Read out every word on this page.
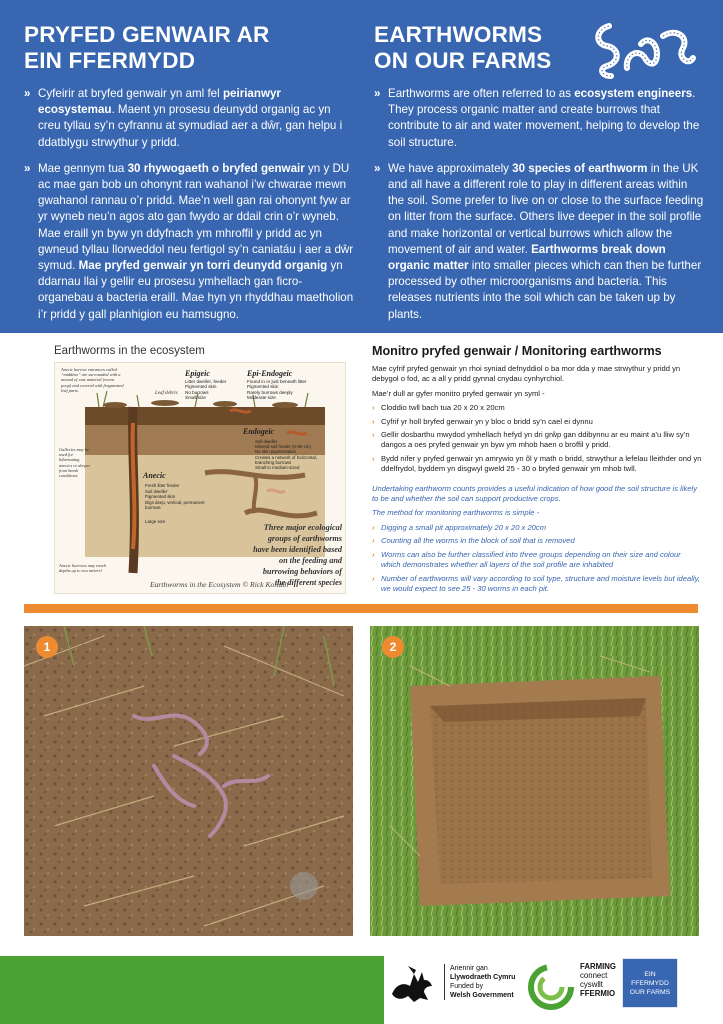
PRYFED GENWAIR AR
EIN FFERMYDD
» Cyfeirir at bryfed genwair yn aml fel peirianwyr ecosystemau. Maent yn prosesu deunydd organig ac yn creu tyllau sy’n cyfrannu at symudiad aer a dŵr, gan helpu i ddatblygu strwythur y pridd.
» Mae gennym tua 30 rhywogaeth o bryfed genwair yn y DU ac mae gan bob un ohonynt ran wahanol i’w chwarae mewn gwahanol rannau o’r pridd. Mae’n well gan rai ohonynt fyw ar yr wyneb neu’n agos ato gan fwydo ar ddail crin o’r wyneb. Mae eraill yn byw yn ddyfnach ym mhroffil y pridd ac yn gwneud tyllau llorweddol neu fertigol sy’n caniatáu i aer a dŵr symud. Mae pryfed genwair yn torri deunydd organig yn ddarnau llai y gellir eu prosesu ymhellach gan ficro-organebau a bacteria eraill. Mae hyn yn rhyddhau maetholion i’r pridd y gall planhigion eu hamsugno.
EARTHWORMS
ON OUR FARMS
» Earthworms are often referred to as ecosystem engineers. They process organic matter and create burrows that contribute to air and water movement, helping to develop the soil structure.
» We have approximately 30 species of earthworm in the UK and all have a different role to play in different areas within the soil. Some prefer to live on or close to the surface feeding on litter from the surface. Others live deeper in the soil profile and make horizontal or vertical burrows which allow the movement of air and water. Earthworms break down organic matter into smaller pieces which can then be further processed by other microorganisms and bacteria. This releases nutrients into the soil which can be taken up by plants.
Earthworms in the ecosystem
Epigeic
Litter dweller, feeder
Pigmented skin
No burrows
Small size
Epi-Endogeic
Found in or just beneath litter
Pigmented skin
Rarely burrows deeply
Moderate size
Anecic burrow entrances called “middens” are surrounded with a mound of cast material (worm poop) and covered with fragmented leaf parts.
Leaf debris
Endogeic
Soil dweller
Mineral soil feeder (0-50 cm)
No skin pigmentation
Creates a network of horizontal, branching burrows
Small to medium-sized
Galleries may be used for hibernating anecics or deeper from harsh conditions.	Anecic
Fresh litter feeder
Soil dweller
Pigmented skin
Digs deep, vertical, permanent burrows
Large size
Anecic burrows may reach depths up to two meters!
Three major ecological groups of earthworms have been identified based on the feeding and burrowing behaviors of the different species
Earthworms in the Ecosystem © Rick Kollath
Monitro pryfed genwair / Monitoring earthworms

Mae cyfrif pryfed genwair yn rhoi syniad defnyddiol o ba mor dda y mae strwythur y pridd yn debygol o fod, ac a all y pridd gynnal cnydau cynhyrchiol.

Mae’r dull ar gyfer monitro pryfed genwair yn syml -

› Cloddio twll bach tua 20 x 20 x 20cm
› Cyfrif yr holl bryfed genwair yn y bloc o bridd sy’n cael ei dynnu
› Gellir dosbarthu mwydod ymhellach hefyd yn dri grŵp gan ddibynnu ar eu maint a’u lliw sy’n dangos a oes pryfed genwair yn byw ym mhob haen o broffil y pridd.
› Bydd nifer y pryfed genwair yn amrywio yn ôl y math o bridd, strwythur a lefelau lleithder ond yn ddelfrydol, byddem yn disgwyl gweld 25 - 30 o bryfed genwair ym mhob twll.

Undertaking earthworm counts provides a useful indication of how good the soil structure is likely to be and whether the soil can support productive crops.

The method for monitoring earthworms is simple -

› Digging a small pit approximately 20 x 20 x 20cm
› Counting all the worms in the block of soil that is removed
› Worms can also be further classified into three groups depending on their size and colour which demonstrates whether all layers of the soil profile are inhabited
› Number of earthworms will vary according to soil type, structure and moisture levels but ideally, we would expect to see 25 - 30 worms in each pit.
1	2
Ariennir gan
Llywodraeth Cymru
Funded by
Welsh Government
FARMING
connect
cyswllt
FFERMIO
EIN FFERMYDD
OUR FARMS
